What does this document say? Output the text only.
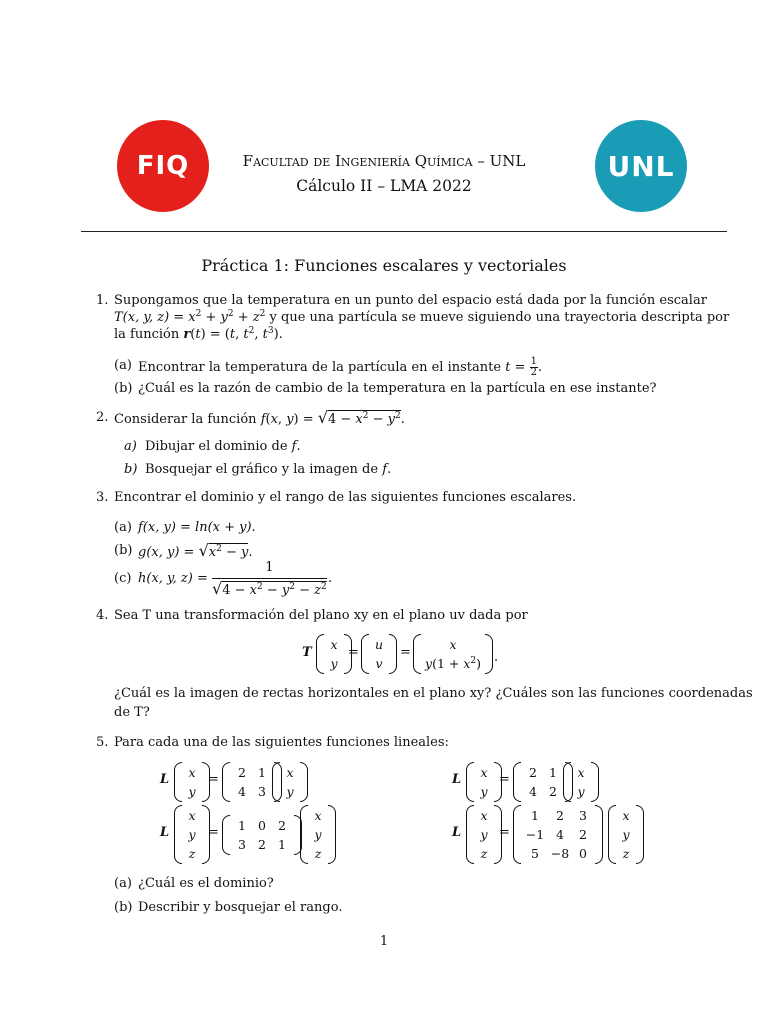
FIQ	UNL
Facultad de Ingeniería Química – UNL
Cálculo II – LMA 2022
Práctica 1: Funciones escalares y vectoriales
1. Supongamos que la temperatura en un punto del espacio está dada por la función escalar
T(x, y, $z) = x^2 + y^2 + z^2$ y que una partícula se mueve siguiendo una trayectoria descripta por
la función r(t) = (t, $t^2$, $t^3$).
(a) Encontrar la temperatura de la partícula en el instante $t = \frac{1}{2}$ .
(b) ¿Cuál es la razón de cambio de la temperatura en la partícula en ese instante?
2. Considerar la función f(x, $y) = √4 - x^2 - y^2$.
a) Dibujar el dominio de f.
b) Bosquejar el gráfico y la imagen de f.
3. Encontrar el dominio y el rango de las siguientes funciones escalares.
(a) f(x, y) = ln(x + y).
(b) g(x, $y) = √x^2 - y$.
(c) h(x, y, z) =
1
$√4 - x^2 - y^2 - z^2$
.
4. Sea T una transformación del plano xy en el plano uv dada por
T
x
y
=
u
v
=
x
$y(1 + x^2)$ .
¿Cuál es la imagen de rectas horizontales en el plano xy? ¿Cuáles son las funciones coordenadas
de T?
5. Para cada una de las siguientes funciones lineales:
L	x
y
=	2 1
4 3
x
y
L	x
y
=	2 1
4 2
x
y
L
x
y
z
=	1 0 2
3 2 1
x
y
z
L
x
y
z
=
1	2	3
−1 4	2
5 −8 0
x
y
z
(a) ¿Cuál es el dominio?
(b) Describir y bosquejar el rango.
1
